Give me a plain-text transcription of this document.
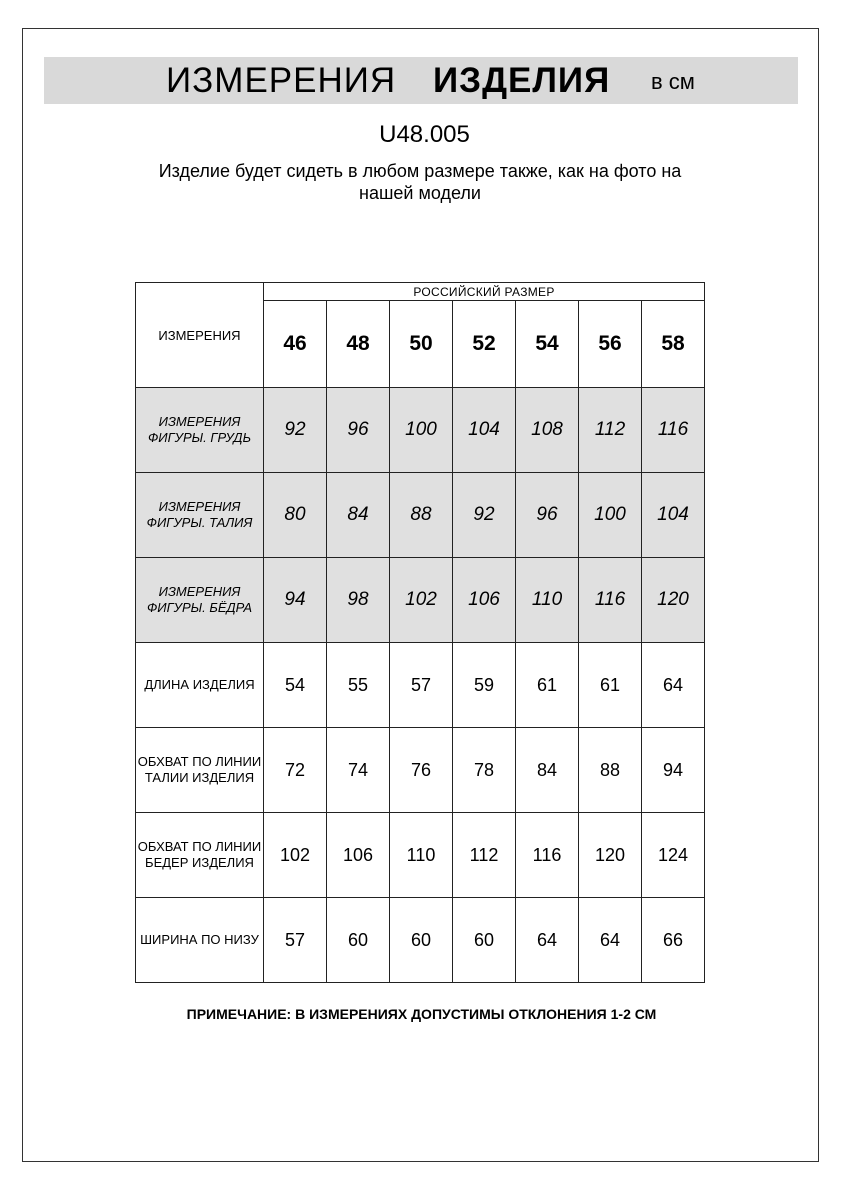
ИЗМЕРЕНИЯ ИЗДЕЛИЯ в см
U48.005
Изделие будет сидеть в любом размере также, как на фото на нашей модели
ИЗМЕРЕНИЯ	РОССИЙСКИЙ РАЗМЕР						
	46	48	50	52	54	56	58
ИЗМЕРЕНИЯ ФИГУРЫ. ГРУДЬ	92	96	100	104	108	112	116
ИЗМЕРЕНИЯ ФИГУРЫ. ТАЛИЯ	80	84	88	92	96	100	104
ИЗМЕРЕНИЯ ФИГУРЫ. БЁДРА	94	98	102	106	110	116	120
ДЛИНА ИЗДЕЛИЯ	54	55	57	59	61	61	64
ОБХВАТ ПО ЛИНИИ ТАЛИИ ИЗДЕЛИЯ	72	74	76	78	84	88	94
ОБХВАТ ПО ЛИНИИ БЕДЕР ИЗДЕЛИЯ	102	106	110	112	116	120	124
ШИРИНА ПО НИЗУ	57	60	60	60	64	64	66
ПРИМЕЧАНИЕ: В ИЗМЕРЕНИЯХ ДОПУСТИМЫ ОТКЛОНЕНИЯ 1-2 СМ
